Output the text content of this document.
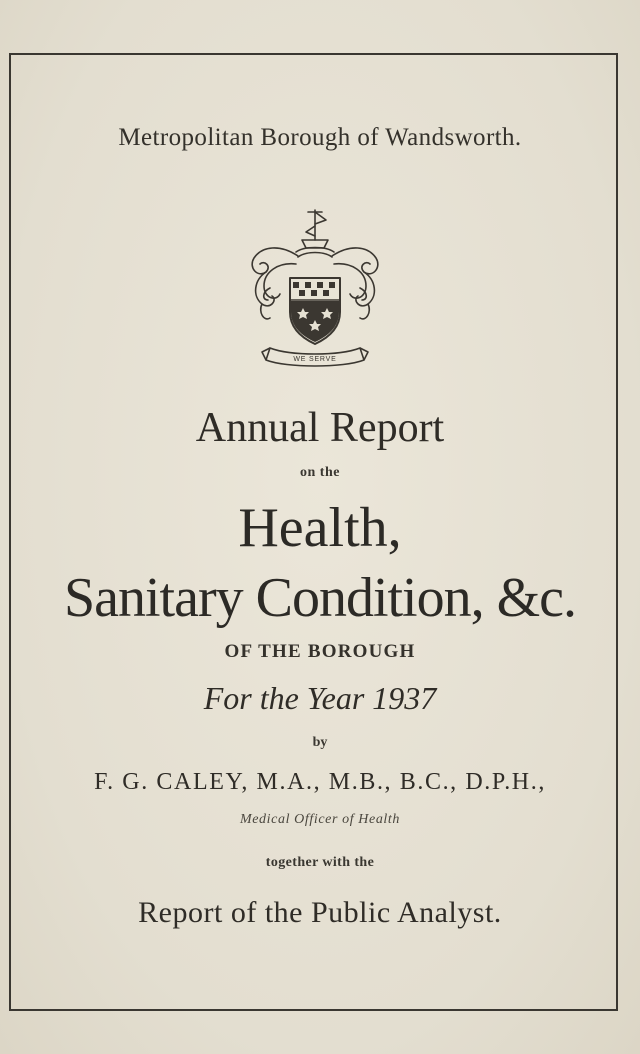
Metropolitan Borough of Wandsworth.
WE SERVE
Annual Report
on the
Health,
Sanitary Condition, &c.
OF THE BOROUGH
For the Year 1937
by
F. G. CALEY, M.A., M.B., B.C., D.P.H.,
Medical Officer of Health
together with the
Report of the Public Analyst.
